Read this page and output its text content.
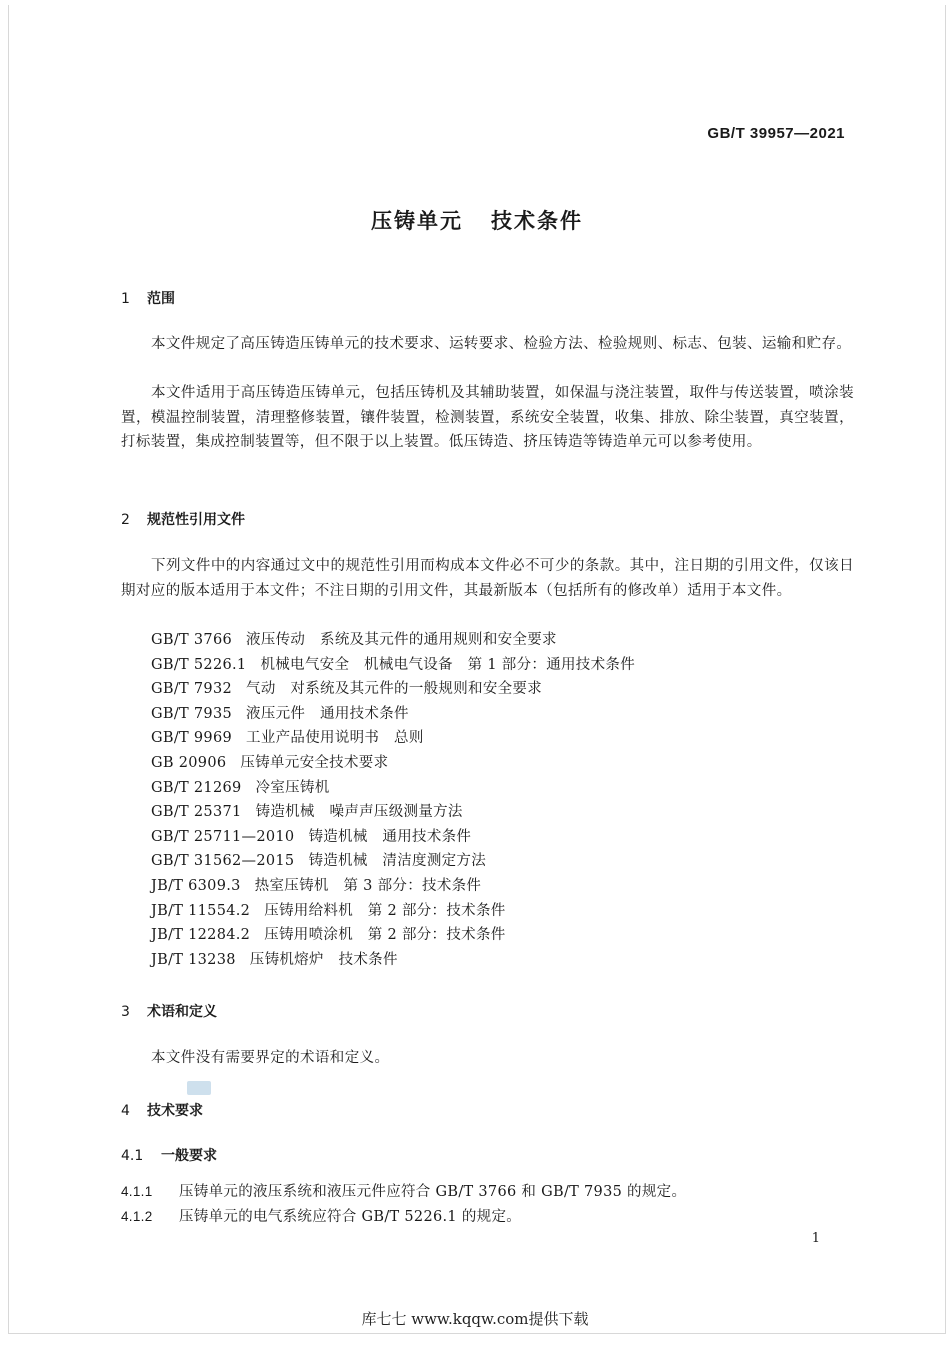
GB/T 39957—2021
压铸单元 技术条件
1 范围
本文件规定了高压铸造压铸单元的技术要求、运转要求、检验方法、检验规则、标志、包装、运输和贮存。
本文件适用于高压铸造压铸单元，包括压铸机及其辅助装置，如保温与浇注装置，取件与传送装置，喷涂装置，模温控制装置，清理整修装置，镶件装置，检测装置，系统安全装置，收集、排放、除尘装置，真空装置，打标装置，集成控制装置等，但不限于以上装置。低压铸造、挤压铸造等铸造单元可以参考使用。
2 规范性引用文件
下列文件中的内容通过文中的规范性引用而构成本文件必不可少的条款。其中，注日期的引用文件，仅该日期对应的版本适用于本文件；不注日期的引用文件，其最新版本（包括所有的修改单）适用于本文件。
GB/T 3766 液压传动　系统及其元件的通用规则和安全要求
GB/T 5226.1 机械电气安全　机械电气设备　第 1 部分：通用技术条件
GB/T 7932 气动　对系统及其元件的一般规则和安全要求
GB/T 7935 液压元件　通用技术条件
GB/T 9969 工业产品使用说明书　总则
GB 20906 压铸单元安全技术要求
GB/T 21269 冷室压铸机
GB/T 25371 铸造机械　噪声声压级测量方法
GB/T 25711—2010 铸造机械　通用技术条件
GB/T 31562—2015 铸造机械　清洁度测定方法
JB/T 6309.3 热室压铸机　第 3 部分：技术条件
JB/T 11554.2 压铸用给料机　第 2 部分：技术条件
JB/T 12284.2 压铸用喷涂机　第 2 部分：技术条件
JB/T 13238 压铸机熔炉　技术条件
3 术语和定义
本文件没有需要界定的术语和定义。
4 技术要求
4.1 一般要求
4.1.1 压铸单元的液压系统和液压元件应符合 GB/T 3766 和 GB/T 7935 的规定。
4.1.2 压铸单元的电气系统应符合 GB/T 5226.1 的规定。
1
库七七 www.kqqw.com提供下载
